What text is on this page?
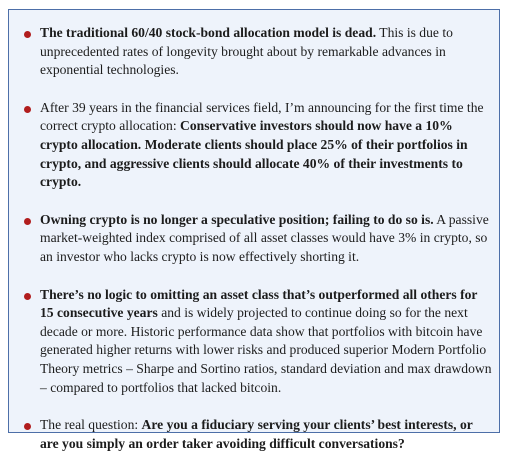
The traditional 60/40 stock-bond allocation model is dead. This is due to unprecedented rates of longevity brought about by remarkable advances in exponential technologies.
After 39 years in the financial services field, I’m announcing for the first time the correct crypto allocation: Conservative investors should now have a 10% crypto allocation. Moderate clients should place 25% of their portfolios in crypto, and aggressive clients should allocate 40% of their investments to crypto.
Owning crypto is no longer a speculative position; failing to do so is. A passive market-weighted index comprised of all asset classes would have 3% in crypto, so an investor who lacks crypto is now effectively shorting it.
There’s no logic to omitting an asset class that’s outperformed all others for 15 consecutive years and is widely projected to continue doing so for the next decade or more. Historic performance data show that portfolios with bitcoin have generated higher returns with lower risks and produced superior Modern Portfolio Theory metrics – Sharpe and Sortino ratios, standard deviation and max drawdown – compared to portfolios that lacked bitcoin.
The real question: Are you a fiduciary serving your clients’ best interests, or are you simply an order taker avoiding difficult conversations?
